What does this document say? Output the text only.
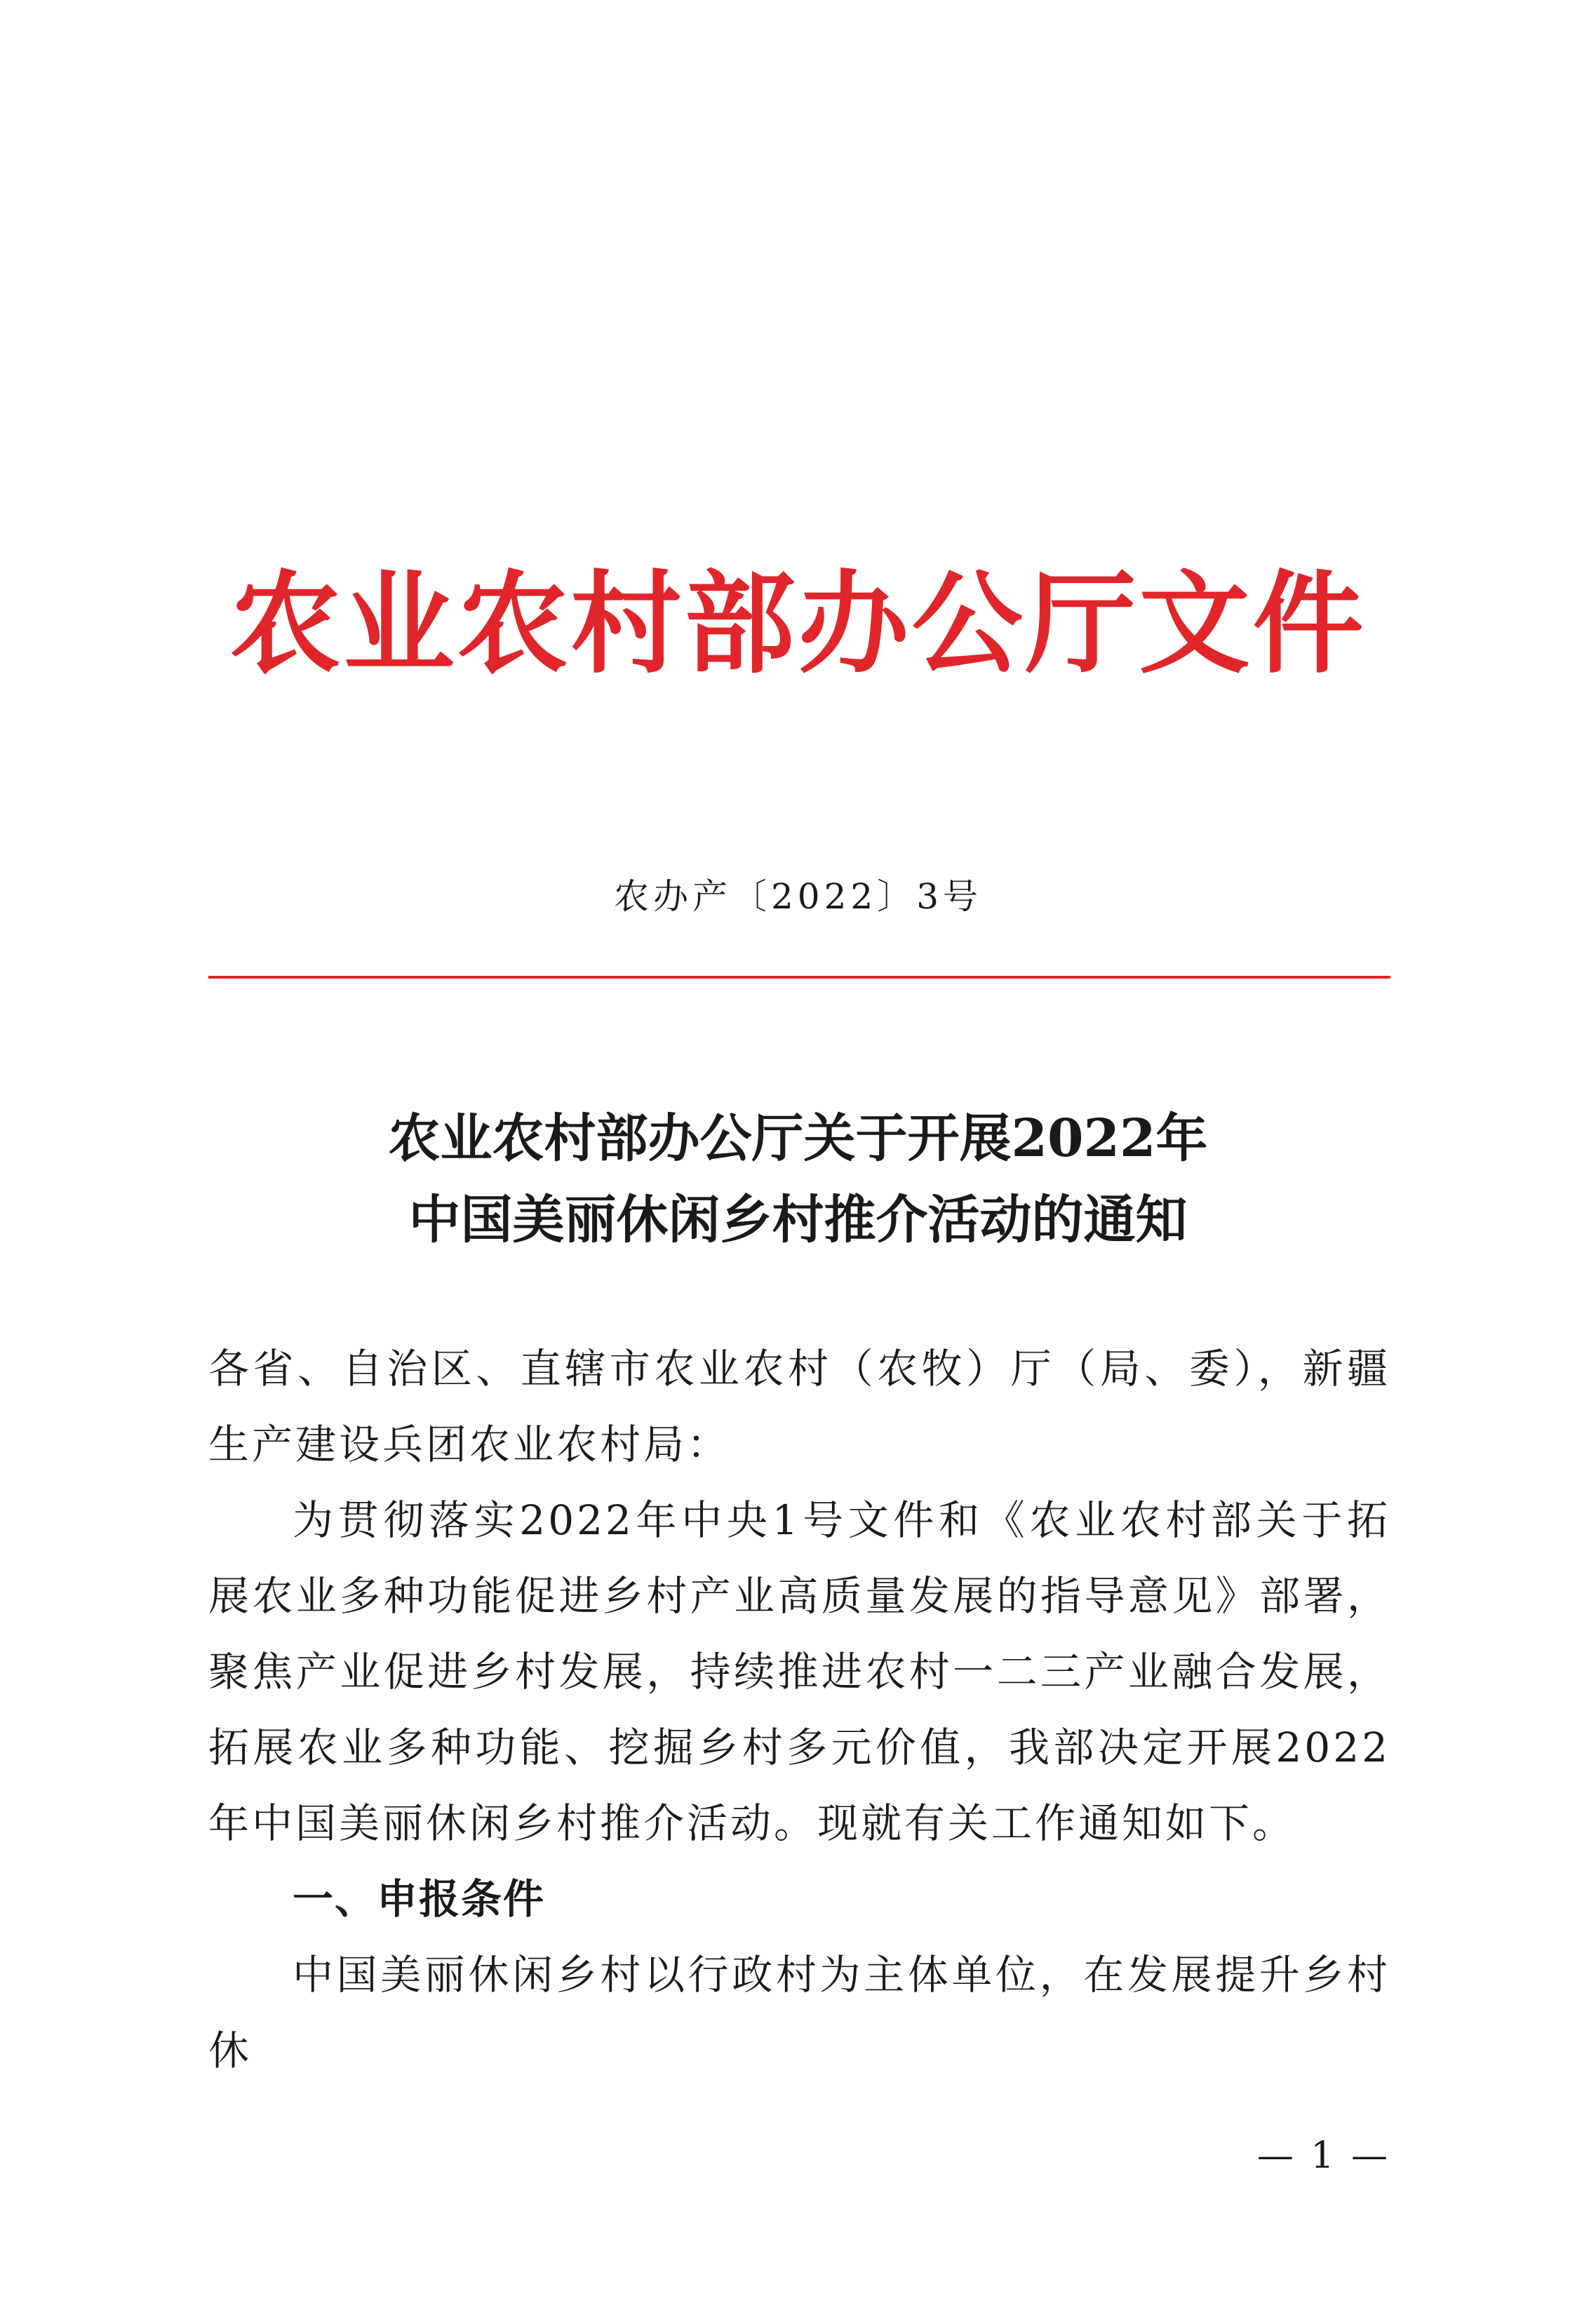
农业农村部办公厅文件
农办产〔2022〕3号
农业农村部办公厅关于开展2022年
中国美丽休闲乡村推介活动的通知

各省、自治区、直辖市农业农村（农牧）厅（局、委），新疆生产建设兵团农业农村局：

为贯彻落实2022年中央1号文件和《农业农村部关于拓展农业多种功能促进乡村产业高质量发展的指导意见》部署，聚焦产业促进乡村发展，持续推进农村一二三产业融合发展，拓展农业多种功能、挖掘乡村多元价值，我部决定开展2022年中国美丽休闲乡村推介活动。现就有关工作通知如下。

一、申报条件

中国美丽休闲乡村以行政村为主体单位，在发展提升乡村休

— 1 —
